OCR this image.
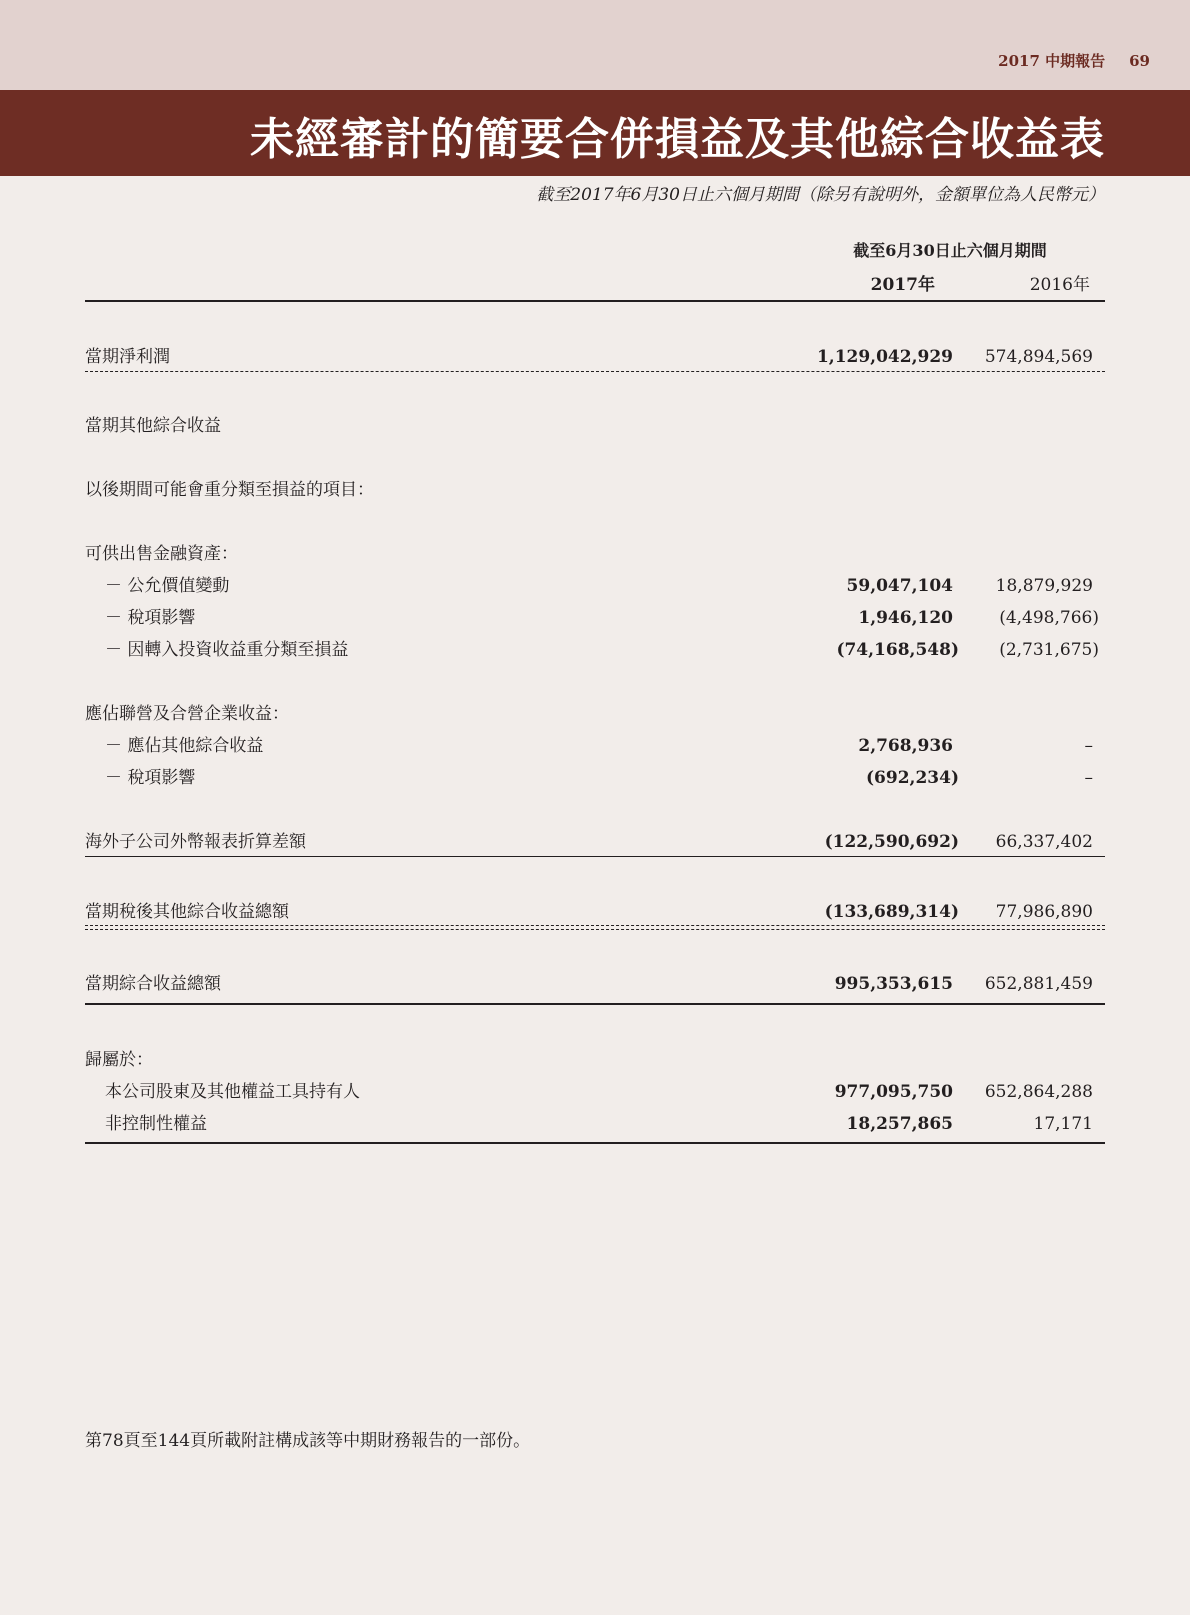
2017 中期報告 69
未經審計的簡要合併損益及其他綜合收益表
截至2017年6月30日止六個月期間（除另有說明外，金額單位為人民幣元）
截至6月30日止六個月期間
2017年	2016年
當期淨利潤	1,129,042,929 574,894,569
當期其他綜合收益
以後期間可能會重分類至損益的項目：
可供出售金融資產：
－ 公允價值變動	59,047,104	18,879,929
－ 稅項影響	1,946,120	(4,498,766)
－ 因轉入投資收益重分類至損益	(74,168,548) (2,731,675)
應佔聯營及合營企業收益：
－ 應佔其他綜合收益	2,768,936	–
－ 稅項影響	(692,234)	–
海外子公司外幣報表折算差額	(122,590,692) 66,337,402
當期稅後其他綜合收益總額	(133,689,314) 77,986,890
當期綜合收益總額	995,353,615 652,881,459
歸屬於：
本公司股東及其他權益工具持有人	977,095,750 652,864,288
非控制性權益	18,257,865	17,171
第78頁至144頁所載附註構成該等中期財務報告的一部份。
